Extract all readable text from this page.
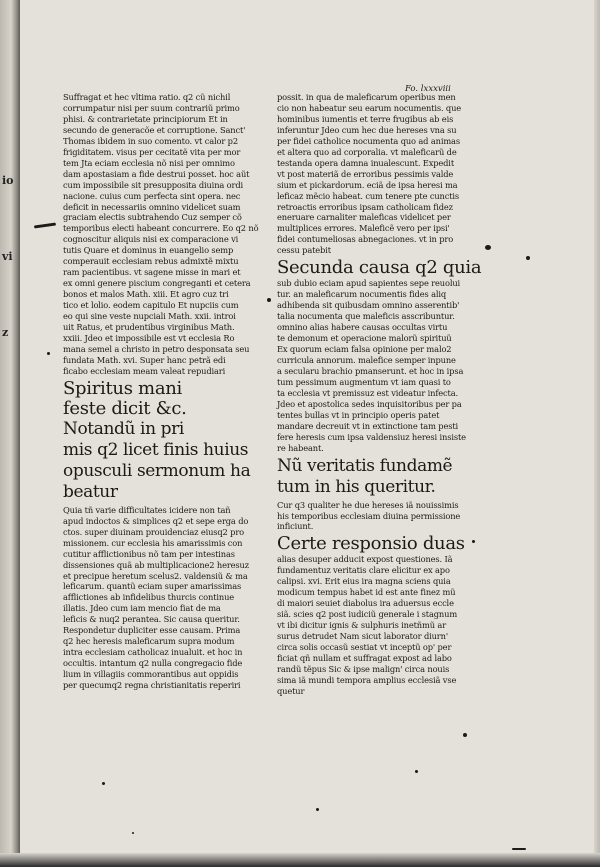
io
vi
z
Fo. lxxxviii
Suffragat et hec vltima ratio. q2 cũ nichil
corrumpatur nisi per suum contrariũ primo
phisi. & contrarietate principiorum Et in
secundo de generacõe et corruptione. Sanct'
Thomas ibidem in suo comento. vt calor p2
frigiditatem. visus per cecitatẽ vita per mor
tem Jta eciam ecclesia nõ nisi per omnimo
dam apostasiam a fide destrui posset. hoc aũt
cum impossibile sit presupposita diuina ordi
nacione. cuius cum perfecta sint opera. nec
deficit in necessariis omnino videlicet suam
graciam electis subtrahendo Cuz semper cõ
temporibus electi habeant concurrere. Eo q2 nõ
cognoscitur aliquis nisi ex comparacione vi
tutis Quare et dominus in euangelio semp
comperauit ecclesiam rebus admixtẽ mixtu
ram pacientibus. vt sagene misse in mari et
ex omni genere piscium congreganti et cetera
bonos et malos Math. xiii. Et agro cuz tri
tico et lolio. eodem capitulo Et nupciis cum
eo qui sine veste nupciali Math. xxii. introi
uit Ratus, et prudentibus virginibus Math.
xxiii. Jdeo et impossibile est vt ecclesia Ro
mana semel a christo in petro desponsata seu
fundata Math. xvi. Super hanc petrã edi
ficabo ecclesiam meam valeat repudiari
Spiritus mani
feste dicit &c.
Notandũ in pri
mis q2 licet finis huius
opusculi sermonum ha
beatur
Quia tñ varie difficultates icidere non tañ
apud indoctos & simplices q2 et sepe erga do
ctos. super diuinam prouidenciaz eiusq2 pro
missionem. cur ecclesia his amarissimis con
cutitur afflictionibus nõ tam per intestinas
dissensiones quã ab multiplicacione2 heresuz
et precipue heretum scelus2. valdensiũ & ma
leficarum. quantũ eciam super amarissimas
afflictiones ab infidelibus thurcis continue
illatis. Jdeo cum iam mencio fiat de ma
leficis & nuq2 perantea. Sic causa queritur.
Respondetur dupliciter esse causam. Prima
q2 hec heresis maleficarum supra modum
intra ecclesiam catholicaz inualuit. et hoc in
occultis. intantum q2 nulla congregacio fide
lium in villagiis commorantibus aut oppidis
per quecumq2 regna christianitatis reperiri
possit. in qua de maleficarum operibus men
cio non habeatur seu earum nocumentis. que
hominibus iumentis et terre frugibus ab eis
inferuntur Jdeo cum hec due hereses vna su
per fidei catholice nocumenta quo ad animas
et altera quo ad corporalia. vt maleficarũ de
testanda opera damna inualescunt. Expedit
vt post materiã de erroribus pessimis valde
sium et pickardorum. eciã de ipsa heresi ma
leficaz mẽcio habeat. cum tenere pte cunctis
retroactis erroribus ipsam catholicam fidez
eneruare carnaliter maleficas videlicet per
multiplices errores. Maleficẽ vero per ipsi'
fidei contumeliosas abnegaciones. vt in pro
cessu patebit
Secunda causa q2 quia
sub dubio eciam apud sapientes sepe reuolui
tur. an maleficarum nocumentis fides aliq
adhibenda sit quibusdam omnino asserentib'
talia nocumenta que maleficis asscribuntur.
omnino alias habere causas occultas virtu
te demonum et operacione malorũ spirituũ
Ex quorum eciam falsa opinione per malo2
curricula annorum. malefice semper inpune
a secularu brachio pmanserunt. et hoc in ipsa
tum pessimum augmentum vt iam quasi to
ta ecclesia vt premissuz est videatur infecta.
Jdeo et apostolica sedes inquisitoribus per pa
tentes bullas vt in principio operis patet
mandare decreuit vt in extinctione tam pesti
fere heresis cum ipsa valdensiuz heresi insiste
re habeant.
Nũ veritatis fundamẽ
tum in his queritur.
Cur q3 qualiter he due hereses iã nouissimis
his temporibus ecclesiam diuina permissione
inficiunt.
Certe responsio duas
alias desuper adducit expost questiones. Iã
fundamentuz veritatis clare elicitur ex apo
calipsi. xvi. Erit eius ira magna sciens quia
modicum tempus habet id est ante finez mũ
di maiori seuiet diabolus ira aduersus eccle
siã. scies q2 post iudiciũ generale i stagnum
vt ibi dicitur ignis & sulphuris inetñmũ ar
surus detrudet Nam sicut laborator diurn'
circa solis occasũ sestiat vt inceptũ op' per
ficiat qñ nullam et suffragat expost ad labo
randũ tẽpus Sic & ipse malign' circa nouis
sima iã mundi tempora amplius ecclesiã vse
quetur
